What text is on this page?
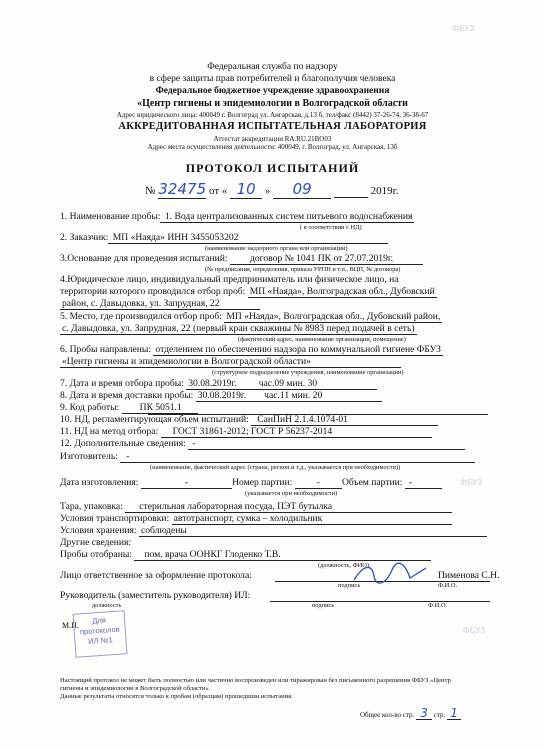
Федеральная служба по надзору
в сфере защиты прав потребителей и благополучия человека
Федеральное бюджетное учреждение здравоохранения
«Центр гигиены и эпидемиологии в Волгоградской области
Адрес юридического лица: 400049 г. Волгоград ул. Ангарская, д.13 б, тел/факс (8442) 37-26-74, 36-38-67
АККРЕДИТОВАННАЯ ИСПЫТАТЕЛЬНАЯ ЛАБОРАТОРИЯ
Аттестат аккредитации RA.RU.21ВО03
Адрес места осуществления деятельности: 400049, г. Волгоград, ул. Ангарская, 13б
ПРОТОКОЛ ИСПЫТАНИЙ
№ 32475 от « 10 » 09	2019г.
1. Наименование пробы: 1. Вода централизованных систем питьевого водоснабжения
( в соответствии с НД)
2. Заказчик: МП «Наяда» ИНН 3455053202
(наименование надзорного органа или организации)
3.Основание для проведения испытаний: договор № 1041 ПК от 27.07.2019г.
(№ предписания, определения, приказа УРПН и т.п., ВЦП, № договора)
4.Юридическое лицо, индивидуальный предприниматель или физическое лицо, на
территории которого проводился отбор проб: МП «Наяда», Волгоградская обл., Дубовский
район, с. Давыдовка, ул. Запрудная, 22
5. Место, где производился отбор проб: МП «Наяда», Волгоградская обл., Дубовский район,
с. Давыдовка, ул. Запрудная, 22 (первый кран скважины № 8983 перед подачей в сеть)
(фактический адрес, наименование организации, помещение)
6. Пробы направлены: отделением по обеспечению надзора по коммунальной гигиене ФБУЗ
«Центр гигиены и эпидемиологии в Волгоградской области»
(структурное подразделение учреждения, наименование организации)
7. Дата и время отбора пробы: 30.08.2019г. час.09 мин. 30
8. Дата и время доставки пробы: 30.08.2019г. час.11 мин. 20
9. Код работы: ПК 5051.1
10. НД, регламентирующая объем испытаний: СанПиН 2.1.4.1074-01
11. НД на метод отбора: ГОСТ 31861-2012; ГОСТ Р 56237-2014
12. Дополнительные сведения: -
Изготовитель: -
(наименование, фактический адрес (страна, регион и т.д., указывается при необходимости))
Дата изготовления:	-	Номер партии:	- Объем партии: -
(указывается при необходимости)
Тара, упаковка: стерильная лабораторная посуда, ПЭТ бутылка
Условия транспортировки: автотранспорт, сумка – холодильник
Условия хранения: соблюдены
Другие сведения:
Пробы отобраны: пом. врача ООНКГ Глоденко Т.В.
(должность, ФИО)
Лицо ответственное за оформление протокола:	Пименова С.Н.
подпись	Ф.И.О.
Руководитель (заместитель руководителя) ИЛ:
должность	подпись	Ф.И.О.
М.П.
Для
протоколов
ИЛ №1
ФБУЗ
ФБУЗ
ФБУЗ
Настоящий протокол не может быть полностью или частично воспроизведен или тиражирован без письменного разрешения ФБУЗ «Центр
гигиены и эпидемиологии в Волгоградской области».
Данные результаты относятся только к пробам (образцам) прошедшим испытания.
Общее кол-во стр. 3 стр. 1
